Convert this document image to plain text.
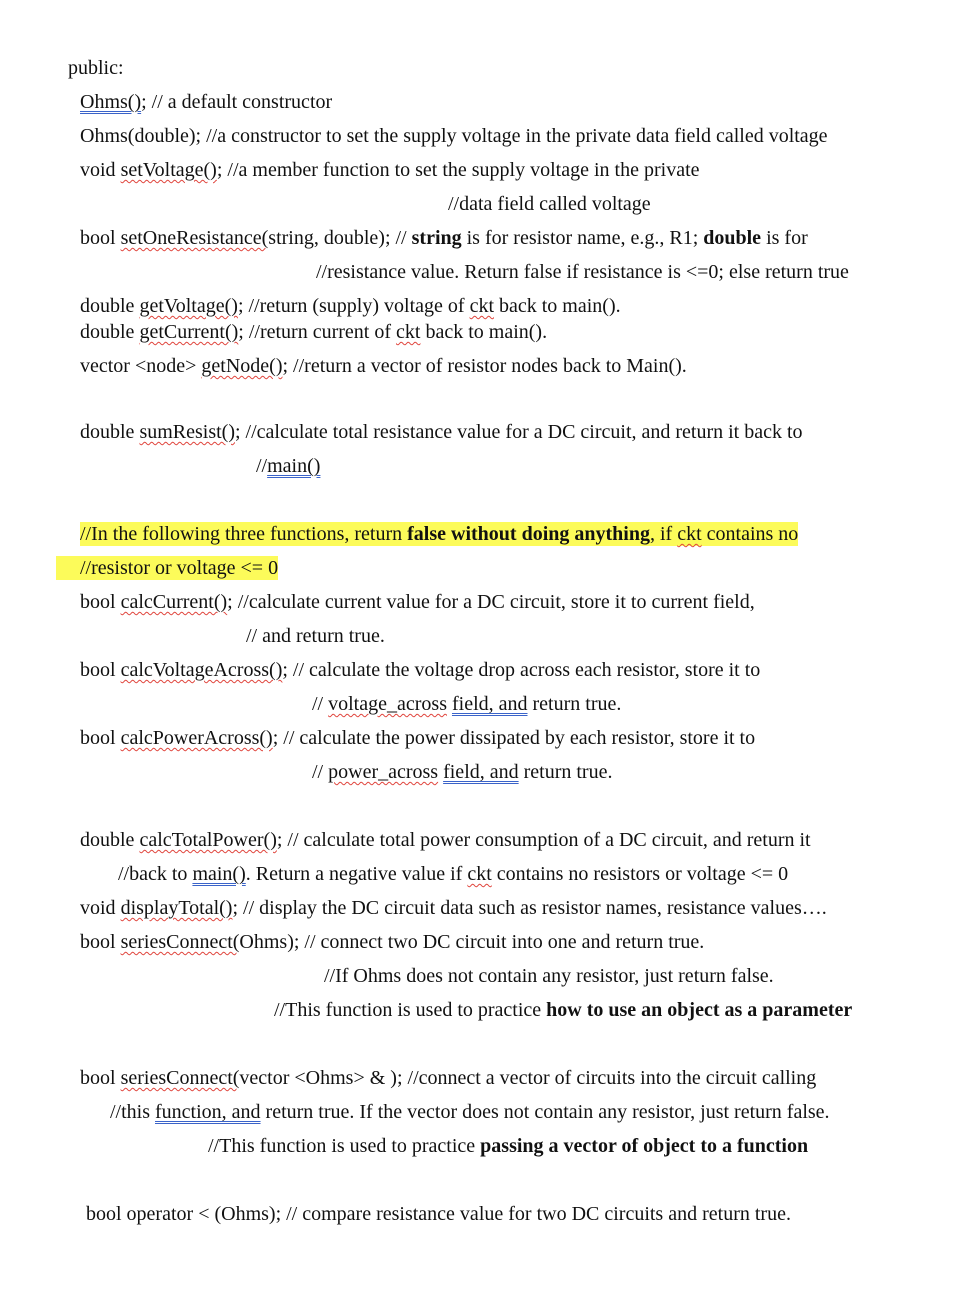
public:
Ohms(); // a default constructor
Ohms(double); //a constructor to set the supply voltage in the private data field called voltage
void setVoltage(); //a member function to set the supply voltage in the private
//data field called voltage
bool setOneResistance(string, double); // string is for resistor name, e.g., R1; double is for
//resistance value. Return false if resistance is <=0; else return true
double getVoltage(); //return (supply) voltage of ckt back to main().
double getCurrent(); //return current of ckt back to main().
vector <node> getNode(); //return a vector of resistor nodes back to Main().
double sumResist(); //calculate total resistance value for a DC circuit, and return it back to
//main()
//In the following three functions, return false without doing anything, if ckt contains no
//resistor or voltage <= 0
bool calcCurrent(); //calculate current value for a DC circuit, store it to current field,
// and return true.
bool calcVoltageAcross(); // calculate the voltage drop across each resistor, store it to
// voltage_across field, and return true.
bool calcPowerAcross(); // calculate the power dissipated by each resistor, store it to
// power_across field, and return true.
double calcTotalPower(); // calculate total power consumption of a DC circuit, and return it
//back to main(). Return a negative value if ckt contains no resistors or voltage <= 0
void displayTotal(); // display the DC circuit data such as resistor names, resistance values….
bool seriesConnect(Ohms); // connect two DC circuit into one and return true.
//If Ohms does not contain any resistor, just return false.
//This function is used to practice how to use an object as a parameter
bool seriesConnect(vector <Ohms> & ); //connect a vector of circuits into the circuit calling
//this function, and return true. If the vector does not contain any resistor, just return false.
//This function is used to practice passing a vector of object to a function
bool operator < (Ohms); // compare resistance value for two DC circuits and return true.
